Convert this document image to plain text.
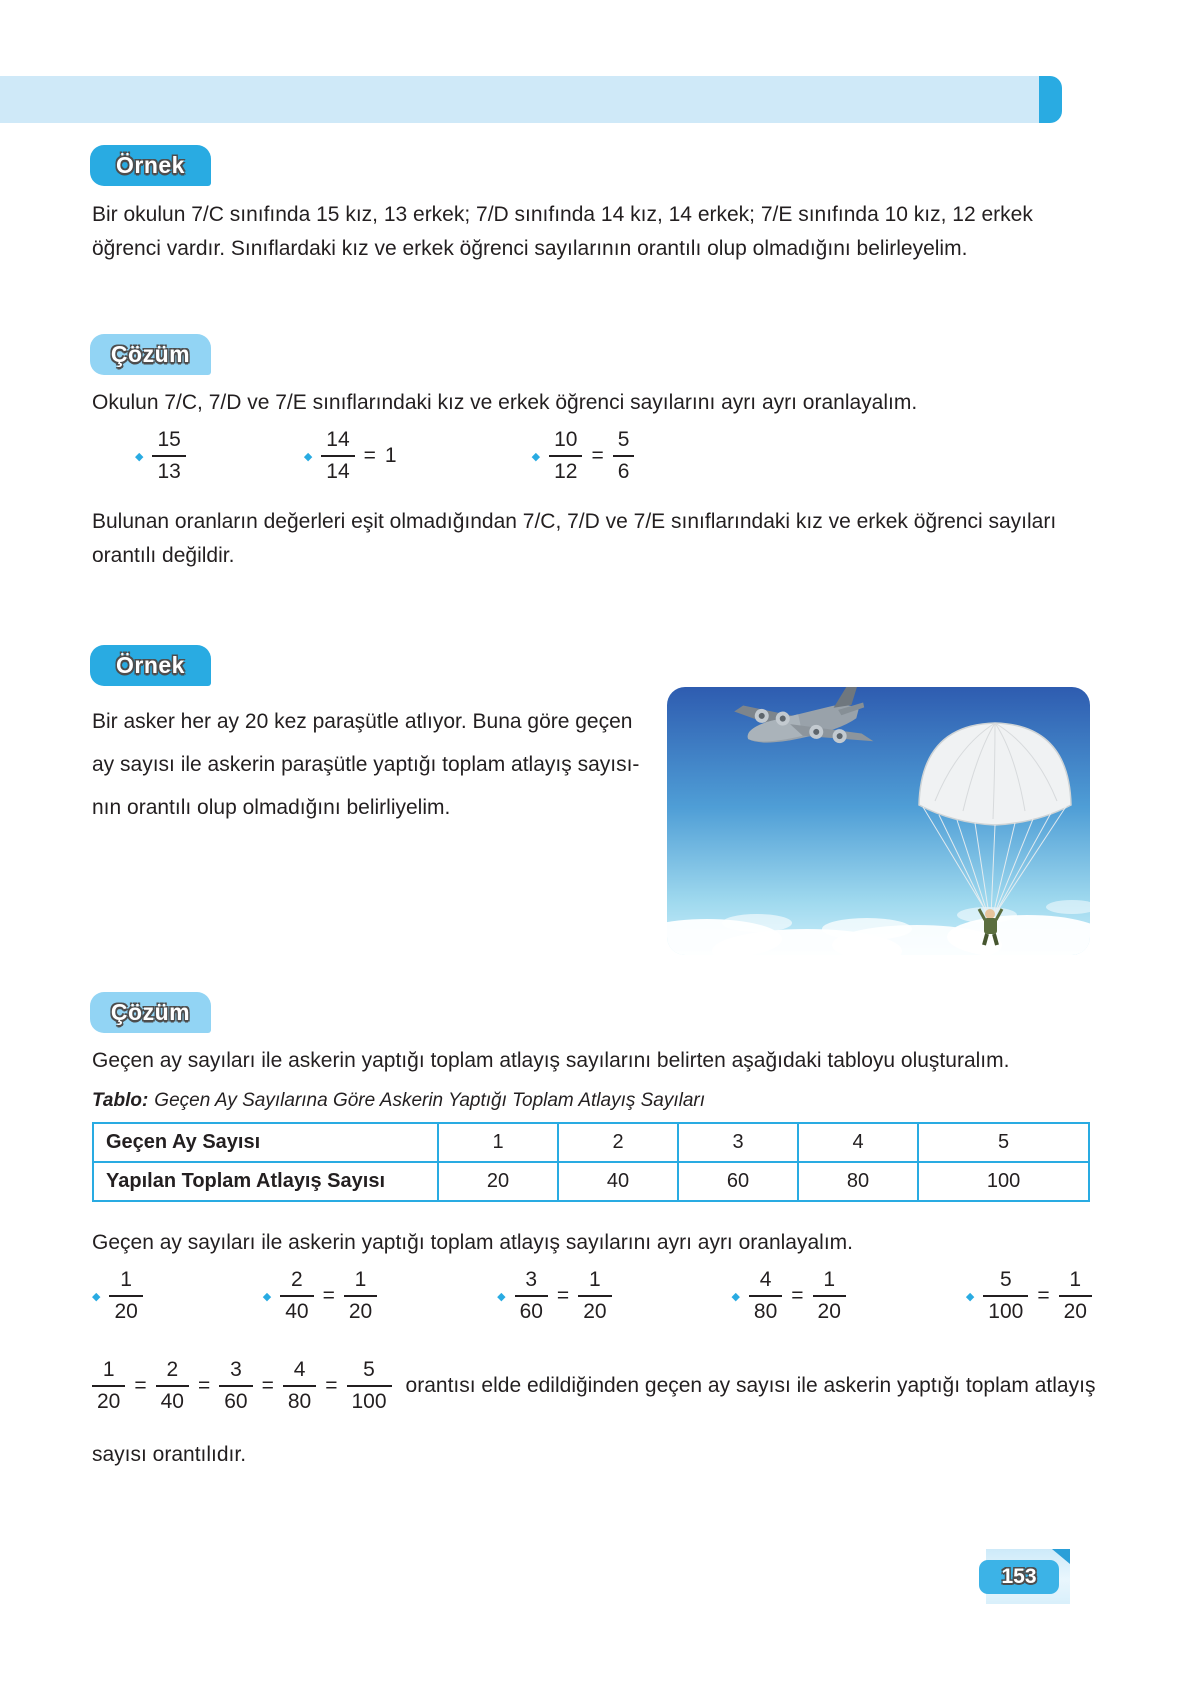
Örnek
Bir okulun 7/C sınıfında 15 kız, 13 erkek; 7/D sınıfında 14 kız, 14 erkek; 7/E sınıfında 10 kız, 12 erkek öğrenci vardır. Sınıflardaki kız ve erkek öğrenci sayılarının orantılı olup olmadığını belirleyelim.
Çözüm
Okulun 7/C, 7/D ve 7/E sınıflarındaki kız ve erkek öğrenci sayılarını ayrı ayrı oranlayalım.
◆ $\frac{15}{13}$	◆ $\frac{14}{14} = 1$	◆ $\frac{10}{12} = \frac{5}{6}$
Bulunan oranların değerleri eşit olmadığından 7/C, 7/D ve 7/E sınıflarındaki kız ve erkek öğrenci sayıları orantılı değildir.
Örnek
Bir asker her ay 20 kez paraşütle atlıyor. Buna göre geçen
ay sayısı ile askerin paraşütle yaptığı toplam atlayış sayısı-
nın orantılı olup olmadığını belirliyelim.
Çözüm
Geçen ay sayıları ile askerin yaptığı toplam atlayış sayılarını belirten aşağıdaki tabloyu oluşturalım.
Tablo: Geçen Ay Sayılarına Göre Askerin Yaptığı Toplam Atlayış Sayıları
Geçen Ay Sayısı	1	2	3	4	5
Yapılan Toplam Atlayış Sayısı	20	40	60	80	100
Geçen ay sayıları ile askerin yaptığı toplam atlayış sayılarını ayrı ayrı oranlayalım.
◆ $\frac{1}{20}$	◆ $\frac{2}{40} = \frac{1}{20}$	◆ $\frac{3}{60} = \frac{1}{20}$	◆ $\frac{4}{80} = \frac{1}{20}$	◆ $\frac{5}{100} = \frac{1}{20}$
$\frac{1}{20} = \frac{2}{40} = \frac{3}{60} = \frac{4}{80} = \frac{5}{100}$ orantısı elde edildiğinden geçen ay sayısı ile askerin yaptığı toplam atlayış
sayısı orantılıdır.
153
